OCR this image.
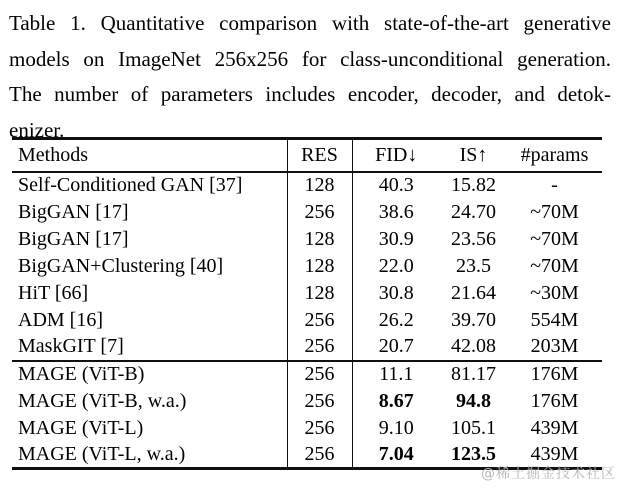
Table 1. Quantitative comparison with state-of-the-art generative
models on ImageNet 256x256 for class-unconditional generation.
The number of parameters includes encoder, decoder, and detok-
enizer.
Methods	RES	FID↓	IS↑	#params
Self-Conditioned GAN [37]	128	40.3	15.82	-
BigGAN [17]	256	38.6	24.70	~70M
BigGAN [17]	128	30.9	23.56	~70M
BigGAN+Clustering [40]	128	22.0	23.5	~70M
HiT [66]	128	30.8	21.64	~30M
ADM [16]	256	26.2	39.70	554M
MaskGIT [7]	256	20.7	42.08	203M
MAGE (ViT-B)	256	11.1	81.17	176M
MAGE (ViT-B, w.a.)	256	8.67	94.8	176M
MAGE (ViT-L)	256	9.10	105.1	439M
MAGE (ViT-L, w.a.)	256	7.04	123.5	439M
@稀土掘金技术社区
